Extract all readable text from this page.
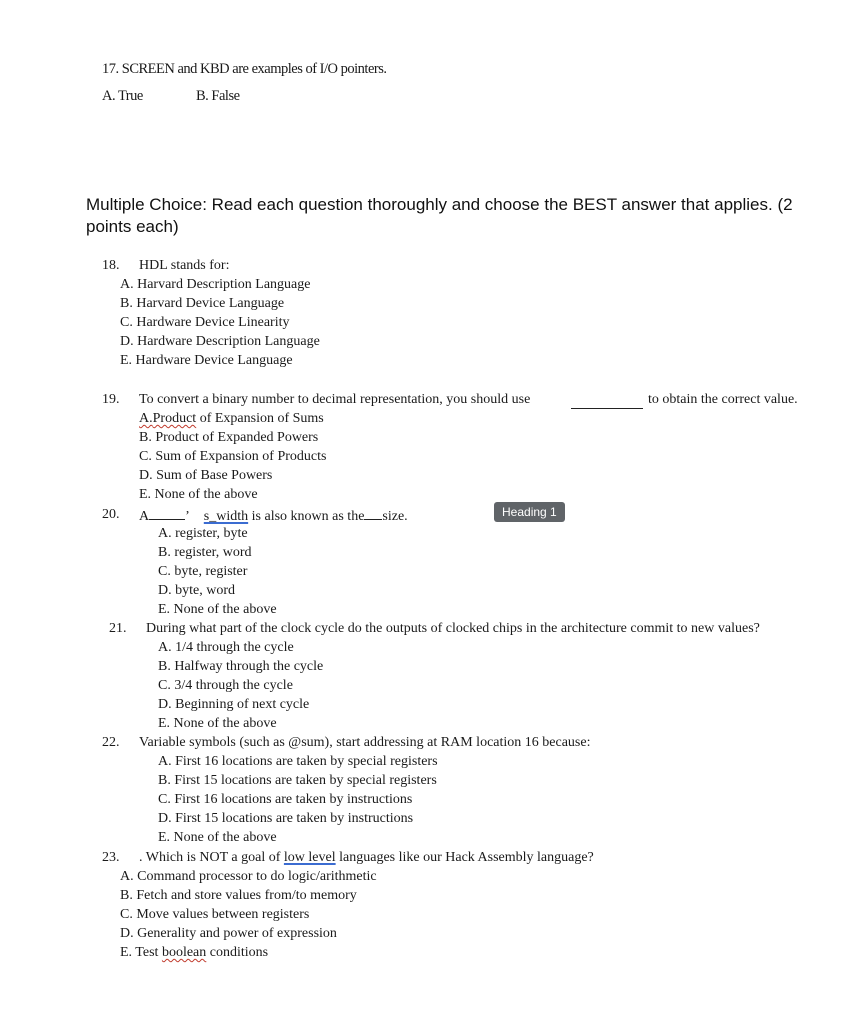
17. SCREEN and KBD are examples of I/O pointers.
A. True	B. False
Multiple Choice: Read each question thoroughly and choose the BEST answer that applies. (2 points each)
18. HDL stands for:
A. Harvard Description Language
B. Harvard Device Language
C. Hardware Device Linearity
D. Hardware Description Language
E. Hardware Device Language
19. To convert a binary number to decimal representation, you should use	to obtain the correct value.
A.Product of Expansion of Sums
B. Product of Expanded Powers
C. Sum of Expansion of Products
D. Sum of Base Powers
E. None of the above
20. A	’ s_width is also known as the size.	Heading 1
A. register, byte
B. register, word
C. byte, register
D. byte, word
E. None of the above
21. During what part of the clock cycle do the outputs of clocked chips in the architecture commit to new values?
A. 1/4 through the cycle
B. Halfway through the cycle
C. 3/4 through the cycle
D. Beginning of next cycle
E. None of the above
22. Variable symbols (such as @sum), start addressing at RAM location 16 because:
A. First 16 locations are taken by special registers
B. First 15 locations are taken by special registers
C. First 16 locations are taken by instructions
D. First 15 locations are taken by instructions
E. None of the above
23. . Which is NOT a goal of low level languages like our Hack Assembly language?
A. Command processor to do logic/arithmetic
B. Fetch and store values from/to memory
C. Move values between registers
D. Generality and power of expression
E. Test boolean conditions
